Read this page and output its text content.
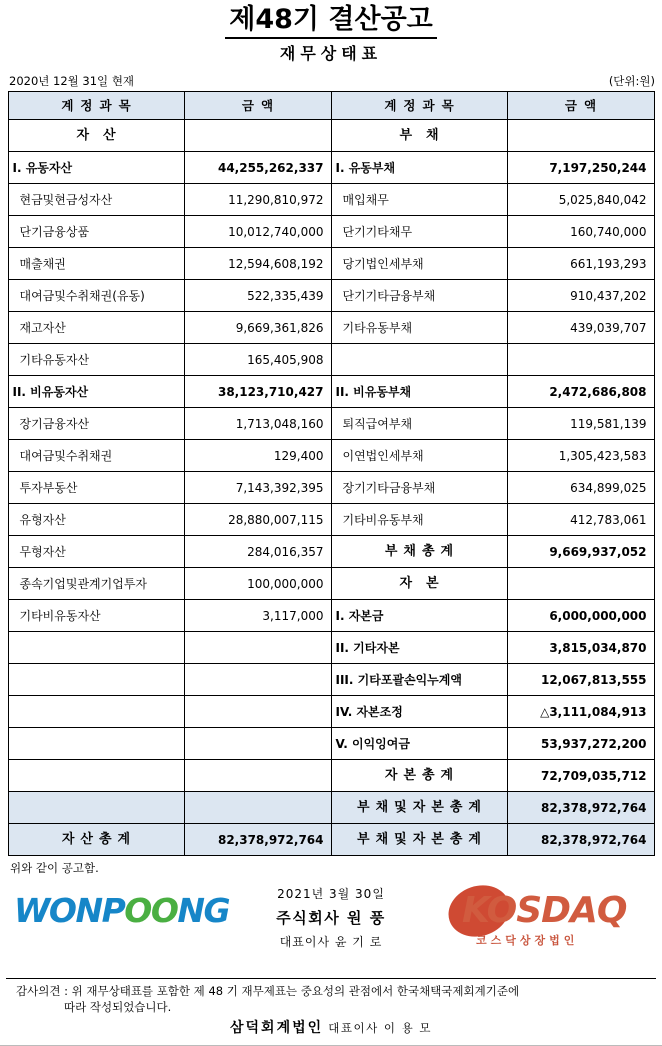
제48기 결산공고
재무상태표
2020년 12월 31일 현재	(단위:원)
계정과목	금액	계정과목	금액
자산		부채	
I. 유동자산	44,255,262,337	I. 유동부채	7,197,250,244
현금및현금성자산	11,290,810,972	매입채무	5,025,840,042
단기금융상품	10,012,740,000	단기기타채무	160,740,000
매출채권	12,594,608,192	당기법인세부채	661,193,293
대여금및수취채권(유동)	522,335,439	단기기타금융부채	910,437,202
재고자산	9,669,361,826	기타유동부채	439,039,707
기타유동자산	165,405,908		
II. 비유동자산	38,123,710,427	II. 비유동부채	2,472,686,808
장기금융자산	1,713,048,160	퇴직급여부채	119,581,139
대여금및수취채권	129,400	이연법인세부채	1,305,423,583
투자부동산	7,143,392,395	장기기타금융부채	634,899,025
유형자산	28,880,007,115	기타비유동부채	412,783,061
무형자산	284,016,357	부채총계	9,669,937,052
종속기업및관계기업투자	100,000,000	자본	
기타비유동자산	3,117,000	I. 자본금	6,000,000,000
		II. 기타자본	3,815,034,870
		III. 기타포괄손익누계액	12,067,813,555
		IV. 자본조정	△3,111,084,913
		V. 이익잉여금	53,937,272,200
		자본총계	72,709,035,712
		부채및자본총계	82,378,972,764
자산총계	82,378,972,764	부채및자본총계	82,378,972,764
위와 같이 공고함.
WONPOONG	2021년 3월 30일
주식회사 원 풍
대표이사 윤 기 로
KOSDAQ
코스닥상장법인
감사의견 : 위 재무상태표를 포함한 제 48 기 재무제표는 중요성의 관점에서 한국채택국제회계기준에
따라 작성되었습니다.
삼덕회계법인 대표이사 이 용 모
